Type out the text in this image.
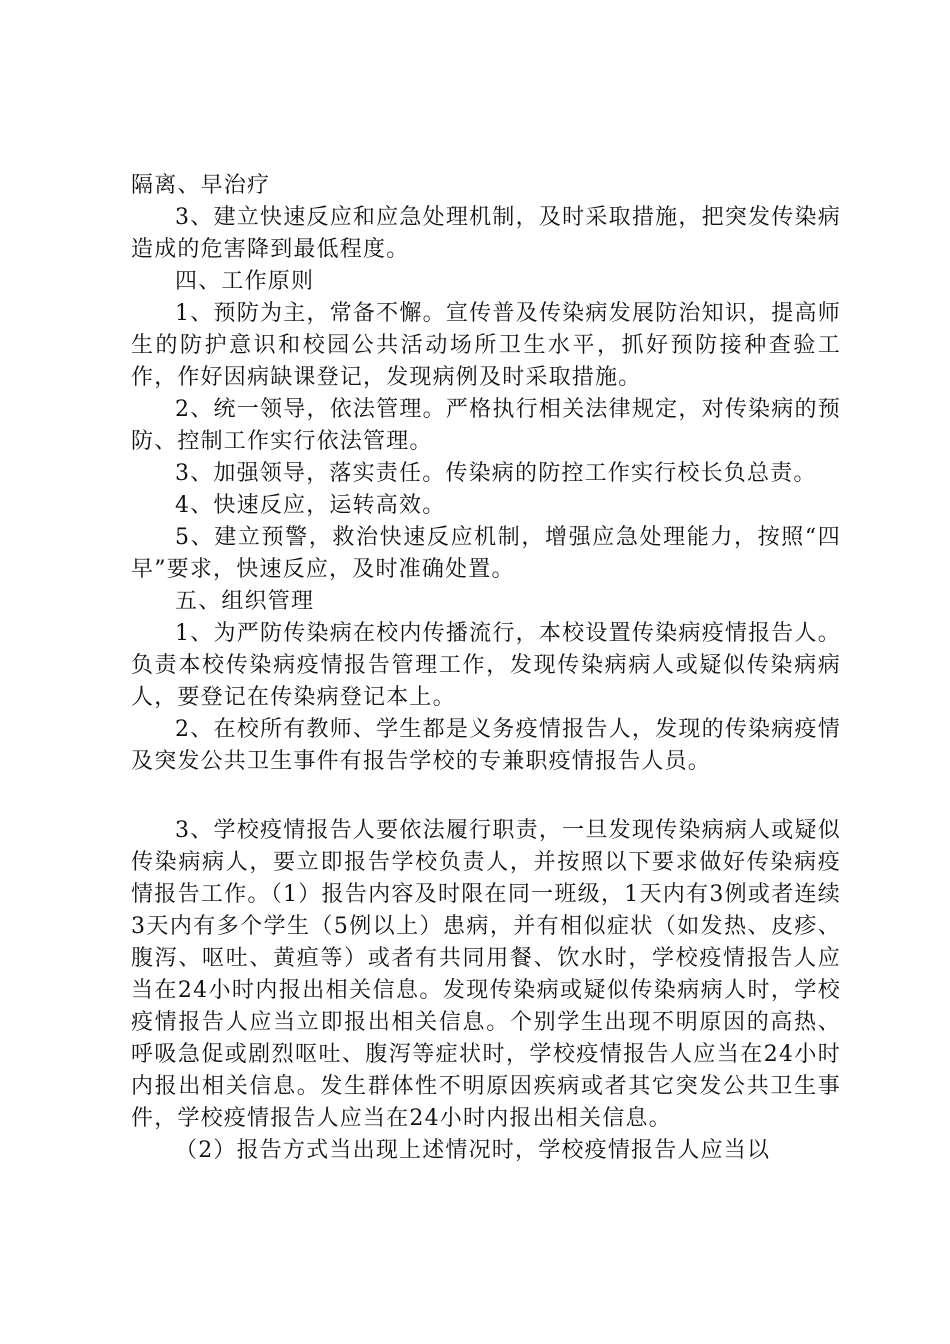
隔离、早治疗

3、建立快速反应和应急处理机制，及时采取措施，把突发传染病造成的危害降到最低程度。

四、工作原则

1、预防为主，常备不懈。宣传普及传染病发展防治知识，提高师生的防护意识和校园公共活动场所卫生水平，抓好预防接种查验工作，作好因病缺课登记，发现病例及时采取措施。

2、统一领导，依法管理。严格执行相关法律规定，对传染病的预防、控制工作实行依法管理。

3、加强领导，落实责任。传染病的防控工作实行校长负总责。

4、快速反应，运转高效。

5、建立预警，救治快速反应机制，增强应急处理能力，按照“四早”要求，快速反应，及时准确处置。

五、组织管理

1、为严防传染病在校内传播流行，本校设置传染病疫情报告人。负责本校传染病疫情报告管理工作，发现传染病病人或疑似传染病病人，要登记在传染病登记本上。

2、在校所有教师、学生都是义务疫情报告人，发现的传染病疫情及突发公共卫生事件有报告学校的专兼职疫情报告人员。

3、学校疫情报告人要依法履行职责，一旦发现传染病病人或疑似传染病病人，要立即报告学校负责人，并按照以下要求做好传染病疫情报告工作。（1）报告内容及时限在同一班级，1天内有3例或者连续3天内有多个学生（5例以上）患病，并有相似症状（如发热、皮疹、腹泻、呕吐、黄疸等）或者有共同用餐、饮水时，学校疫情报告人应当在24小时内报出相关信息。发现传染病或疑似传染病病人时，学校疫情报告人应当立即报出相关信息。个别学生出现不明原因的高热、呼吸急促或剧烈呕吐、腹泻等症状时，学校疫情报告人应当在24小时内报出相关信息。发生群体性不明原因疾病或者其它突发公共卫生事件，学校疫情报告人应当在24小时内报出相关信息。

（2）报告方式当出现上述情况时，学校疫情报告人应当以
